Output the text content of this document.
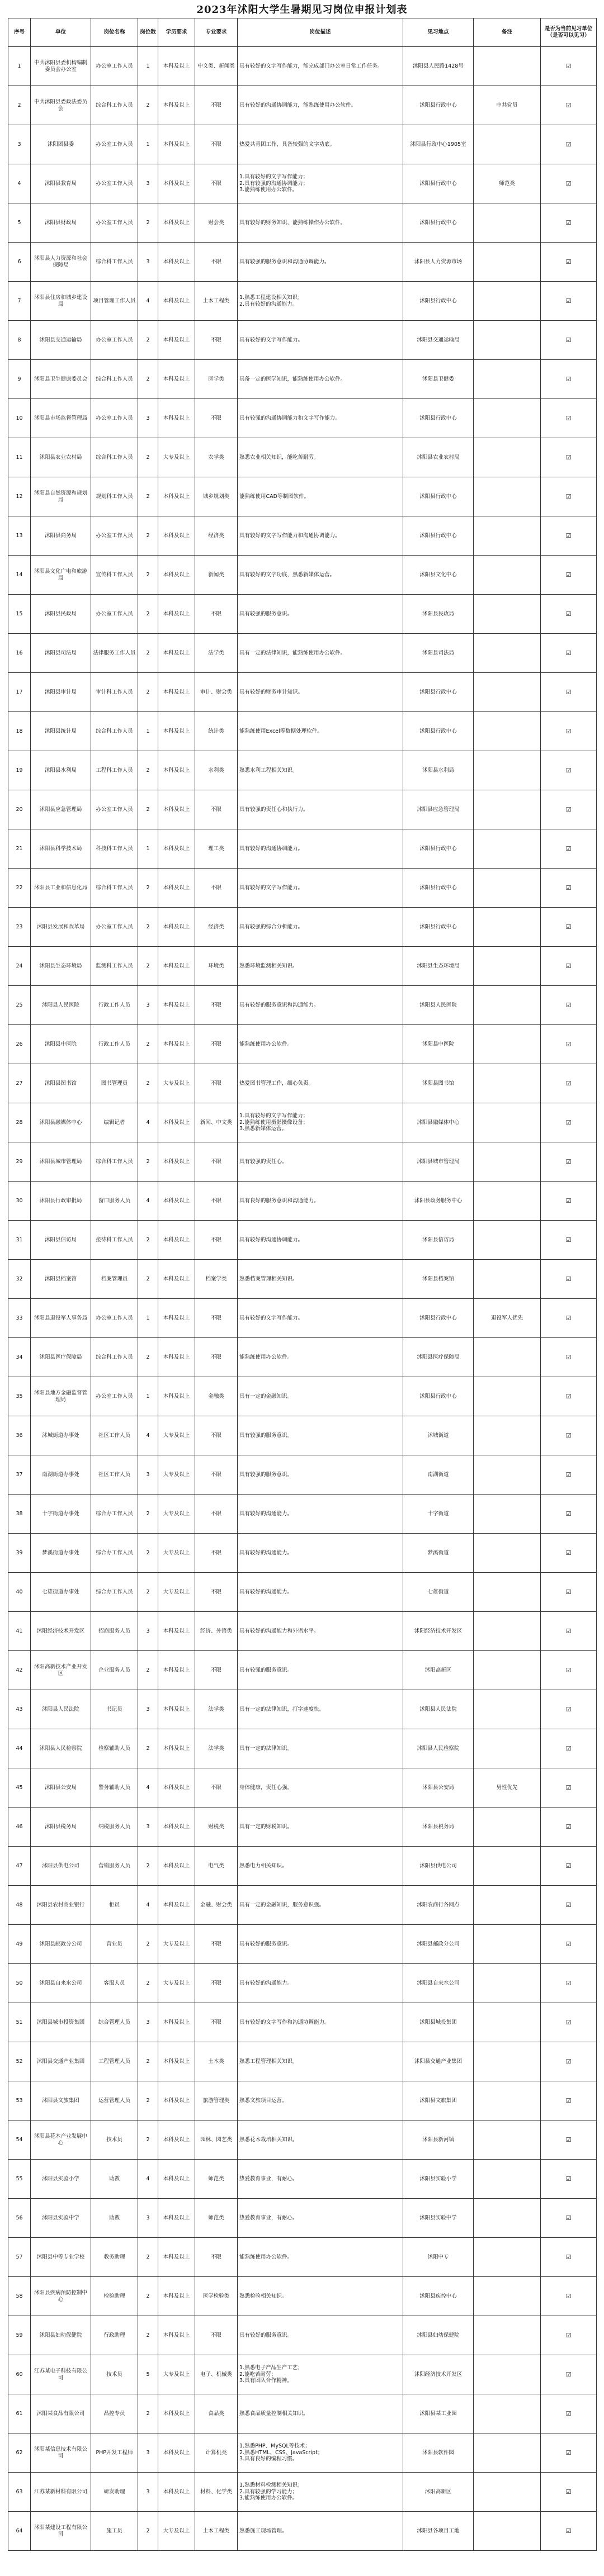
2023年沭阳大学生暑期见习岗位申报计划表
序号	单位	岗位名称	岗位数	学历要求	专业要求	岗位描述	见习地点	备注	是否为当前见习单位（是否可以见习）
1	中共沭阳县委机构编制委员会办公室	办公室工作人员	1	本科及以上	中文类、新闻类	具有较好的文字写作能力，能完成部门办公室日常工作任务。	沭阳县人民路1428号		☑
2	中共沭阳县委政法委员会	综合科工作人员	2	本科及以上	不限	具有较好的沟通协调能力，能熟练使用办公软件。	沭阳县行政中心	中共党员	☑
3	沭阳团县委	办公室工作人员	1	本科及以上	不限	热爱共青团工作，具备较强的文字功底。	沭阳县行政中心1905室		☑
4	沭阳县教育局	办公室工作人员	3	本科及以上	不限	1.具有较好的文字写作能力；
2.具有较强的沟通协调能力；
3.能熟练使用办公软件。	沭阳县行政中心	师范类	☑
5	沭阳县财政局	办公室工作人员	2	本科及以上	财会类	具有较好的财务知识，能熟练操作办公软件。	沭阳县行政中心		☑
6	沭阳县人力资源和社会保障局	综合科工作人员	3	本科及以上	不限	具有较强的服务意识和沟通协调能力。	沭阳县人力资源市场		☑
7	沭阳县住房和城乡建设局	项目管理工作人员	4	本科及以上	土木工程类	1.熟悉工程建设相关知识；
2.具有较好的沟通能力。	沭阳县行政中心		☑
8	沭阳县交通运输局	办公室工作人员	2	本科及以上	不限	具有较好的文字写作能力。	沭阳县交通运输局		☑
9	沭阳县卫生健康委员会	综合科工作人员	2	本科及以上	医学类	具备一定的医学知识，能熟练使用办公软件。	沭阳县卫健委		☑
10	沭阳县市场监督管理局	办公室工作人员	3	本科及以上	不限	具有较强的沟通协调能力和文字写作能力。	沭阳县行政中心		☑
11	沭阳县农业农村局	综合科工作人员	2	大专及以上	农学类	熟悉农业相关知识，能吃苦耐劳。	沭阳县农业农村局		☑
12	沭阳县自然资源和规划局	规划科工作人员	2	本科及以上	城乡规划类	能熟练使用CAD等制图软件。	沭阳县行政中心		☑
13	沭阳县商务局	办公室工作人员	2	本科及以上	经济类	具有较好的文字写作能力和沟通协调能力。	沭阳县行政中心		☑
14	沭阳县文化广电和旅游局	宣传科工作人员	2	本科及以上	新闻类	具有较好的文字功底，熟悉新媒体运营。	沭阳县文化中心		☑
15	沭阳县民政局	办公室工作人员	2	本科及以上	不限	具有较强的服务意识。	沭阳县民政局		☑
16	沭阳县司法局	法律服务工作人员	2	本科及以上	法学类	具有一定的法律知识，能熟练使用办公软件。	沭阳县司法局		☑
17	沭阳县审计局	审计科工作人员	2	本科及以上	审计、财会类	具有较好的财务审计知识。	沭阳县行政中心		☑
18	沭阳县统计局	综合科工作人员	1	本科及以上	统计类	能熟练使用Excel等数据处理软件。	沭阳县行政中心		☑
19	沭阳县水利局	工程科工作人员	2	本科及以上	水利类	熟悉水利工程相关知识。	沭阳县水利局		☑
20	沭阳县应急管理局	办公室工作人员	2	本科及以上	不限	具有较强的责任心和执行力。	沭阳县应急管理局		☑
21	沭阳县科学技术局	科技科工作人员	1	本科及以上	理工类	具有较好的沟通协调能力。	沭阳县行政中心		☑
22	沭阳县工业和信息化局	综合科工作人员	2	本科及以上	不限	具有较好的文字写作能力。	沭阳县行政中心		☑
23	沭阳县发展和改革局	办公室工作人员	2	本科及以上	经济类	具有较强的综合分析能力。	沭阳县行政中心		☑
24	沭阳县生态环境局	监测科工作人员	2	本科及以上	环境类	熟悉环境监测相关知识。	沭阳县生态环境局		☑
25	沭阳县人民医院	行政工作人员	3	本科及以上	不限	具有较好的服务意识和沟通能力。	沭阳县人民医院		☑
26	沭阳县中医院	行政工作人员	2	本科及以上	不限	能熟练使用办公软件。	沭阳县中医院		☑
27	沭阳县图书馆	图书管理员	2	大专及以上	不限	热爱图书管理工作，细心负责。	沭阳县图书馆		☑
28	沭阳县融媒体中心	编辑记者	4	本科及以上	新闻、中文类	1.具有较好的文字写作能力；
2.能熟练使用摄影摄像设备；
3.熟悉新媒体运营。	沭阳县融媒体中心		☑
29	沭阳县城市管理局	综合科工作人员	2	本科及以上	不限	具有较强的责任心。	沭阳县城市管理局		☑
30	沭阳县行政审批局	窗口服务人员	4	本科及以上	不限	具有良好的服务意识和沟通能力。	沭阳县政务服务中心		☑
31	沭阳县信访局	接待科工作人员	2	本科及以上	不限	具有较好的沟通协调能力。	沭阳县信访局		☑
32	沭阳县档案馆	档案管理员	2	本科及以上	档案学类	熟悉档案管理相关知识。	沭阳县档案馆		☑
33	沭阳县退役军人事务局	办公室工作人员	1	本科及以上	不限	具有较好的文字写作能力。	沭阳县行政中心	退役军人优先	☑
34	沭阳县医疗保障局	综合科工作人员	2	本科及以上	不限	能熟练使用办公软件。	沭阳县医疗保障局		☑
35	沭阳县地方金融监督管理局	办公室工作人员	1	本科及以上	金融类	具有一定的金融知识。	沭阳县行政中心		☑
36	沭城街道办事处	社区工作人员	4	大专及以上	不限	具有较强的服务意识。	沭城街道		☑
37	南湖街道办事处	社区工作人员	3	大专及以上	不限	具有较强的服务意识。	南湖街道		☑
38	十字街道办事处	综合办工作人员	2	大专及以上	不限	具有较好的沟通能力。	十字街道		☑
39	梦溪街道办事处	综合办工作人员	2	大专及以上	不限	具有较好的沟通能力。	梦溪街道		☑
40	七雄街道办事处	综合办工作人员	2	大专及以上	不限	具有较好的沟通能力。	七雄街道		☑
41	沭阳经济技术开发区	招商服务人员	3	本科及以上	经济、外语类	具有较好的沟通能力和外语水平。	沭阳经济技术开发区		☑
42	沭阳高新技术产业开发区	企业服务人员	2	本科及以上	不限	具有较强的服务意识。	沭阳高新区		☑
43	沭阳县人民法院	书记员	3	本科及以上	法学类	具有一定的法律知识，打字速度快。	沭阳县人民法院		☑
44	沭阳县人民检察院	检察辅助人员	2	本科及以上	法学类	具有一定的法律知识。	沭阳县人民检察院		☑
45	沭阳县公安局	警务辅助人员	4	本科及以上	不限	身体健康，责任心强。	沭阳县公安局	男性优先	☑
46	沭阳县税务局	纳税服务人员	3	本科及以上	财税类	具有一定的财税知识。	沭阳县税务局		☑
47	沭阳县供电公司	营销服务人员	2	本科及以上	电气类	熟悉电力相关知识。	沭阳县供电公司		☑
48	沭阳县农村商业银行	柜员	4	本科及以上	金融、财会类	具有一定的金融知识，服务意识强。	沭阳农商行各网点		☑
49	沭阳县邮政分公司	营业员	2	大专及以上	不限	具有较好的服务意识。	沭阳县邮政分公司		☑
50	沭阳县自来水公司	客服人员	2	大专及以上	不限	具有较好的沟通能力。	沭阳县自来水公司		☑
51	沭阳县城市投资集团	综合管理人员	3	本科及以上	不限	具有较好的文字写作和沟通协调能力。	沭阳县城投集团		☑
52	沭阳县交通产业集团	工程管理人员	2	本科及以上	土木类	熟悉工程管理相关知识。	沭阳县交通产业集团		☑
53	沭阳县文旅集团	运营管理人员	2	本科及以上	旅游管理类	熟悉文旅项目运营。	沭阳县文旅集团		☑
54	沭阳县花木产业发展中心	技术员	2	本科及以上	园林、园艺类	熟悉花木栽培相关知识。	沭阳县新河镇		☑
55	沭阳县实验小学	助教	4	本科及以上	师范类	热爱教育事业，有耐心。	沭阳县实验小学		☑
56	沭阳县实验中学	助教	3	本科及以上	师范类	热爱教育事业，有耐心。	沭阳县实验中学		☑
57	沭阳县中等专业学校	教务助理	2	本科及以上	不限	能熟练使用办公软件。	沭阳中专		☑
58	沭阳县疾病预防控制中心	检验助理	2	本科及以上	医学检验类	熟悉检验相关知识。	沭阳县疾控中心		☑
59	沭阳县妇幼保健院	行政助理	2	本科及以上	不限	具有较好的服务意识。	沭阳县妇幼保健院		☑
60	江苏某电子科技有限公司	技术员	5	大专及以上	电子、机械类	1.熟悉电子产品生产工艺；
2.能吃苦耐劳；
3.具有团队合作精神。	沭阳经济技术开发区		☑
61	沭阳某食品有限公司	品控专员	2	本科及以上	食品类	熟悉食品质量控制相关知识。	沭阳县某工业园		☑
62	沭阳某信息技术有限公司	PHP开发工程师	3	本科及以上	计算机类	1.熟悉PHP、MySQL等技术；
2.熟悉HTML、CSS、JavaScript；
3.具有良好的编程习惯。	沭阳县软件园		☑
63	江苏某新材料有限公司	研发助理	3	本科及以上	材料、化学类	1.熟悉材料检测相关知识；
2.具有较强的学习能力；
3.能熟练使用办公软件。	沭阳高新区		☑
64	沭阳某建设工程有限公司	施工员	2	大专及以上	土木工程类	熟悉施工现场管理。	沭阳县各项目工地		☑
